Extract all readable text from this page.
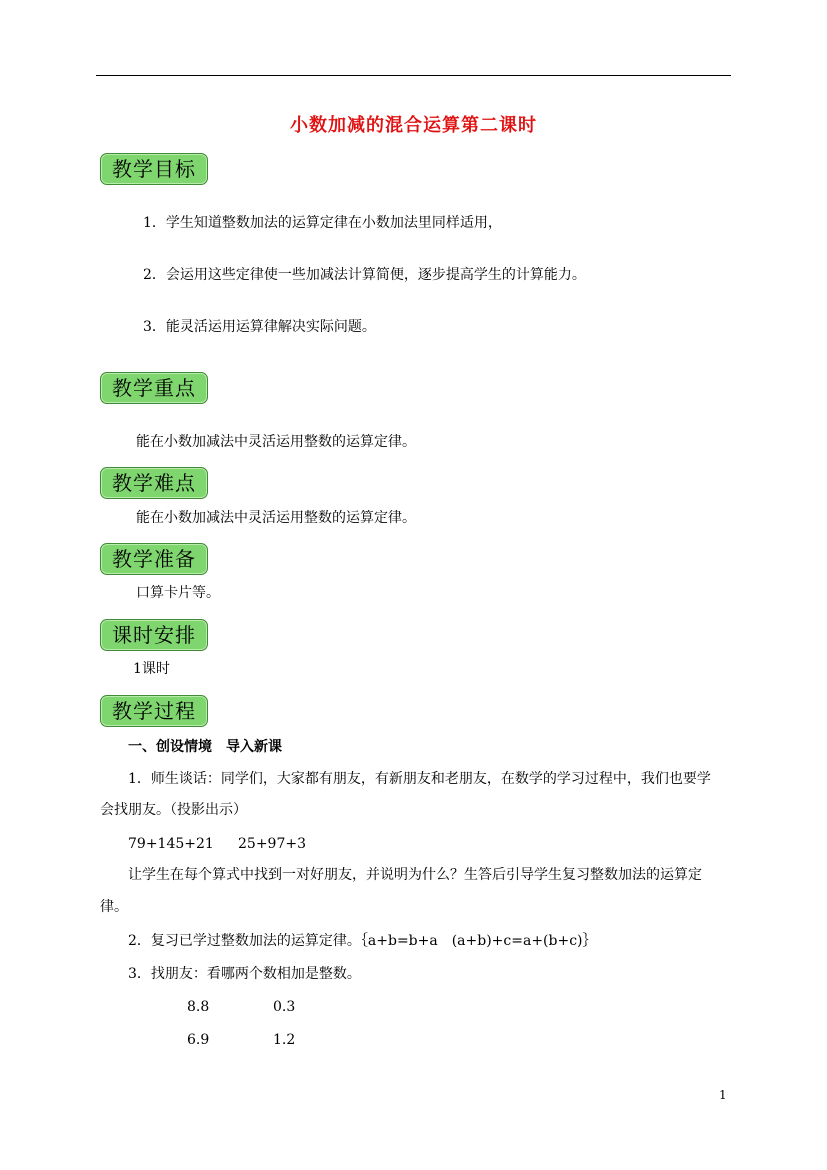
小数加减的混合运算第二课时
教学目标
1．学生知道整数加法的运算定律在小数加法里同样适用，
2．会运用这些定律使一些加减法计算简便，逐步提高学生的计算能力。
3．能灵活运用运算律解决实际问题。
教学重点
能在小数加减法中灵活运用整数的运算定律。
教学难点
能在小数加减法中灵活运用整数的运算定律。
教学准备
口算卡片等。
课时安排
1课时
教学过程
一、创设情境　导入新课
1．师生谈话：同学们，大家都有朋友，有新朋友和老朋友，在数学的学习过程中，我们也要学
会找朋友。（投影出示）
79+145+21 25+97+3
让学生在每个算式中找到一对好朋友，并说明为什么？生答后引导学生复习整数加法的运算定
律。
2．复习已学过整数加法的运算定律。｛a+b=b+a　(a+b)+c=a+(b+c)｝
3．找朋友：看哪两个数相加是整数。
8.8	0.3
6.9	1.2
1
